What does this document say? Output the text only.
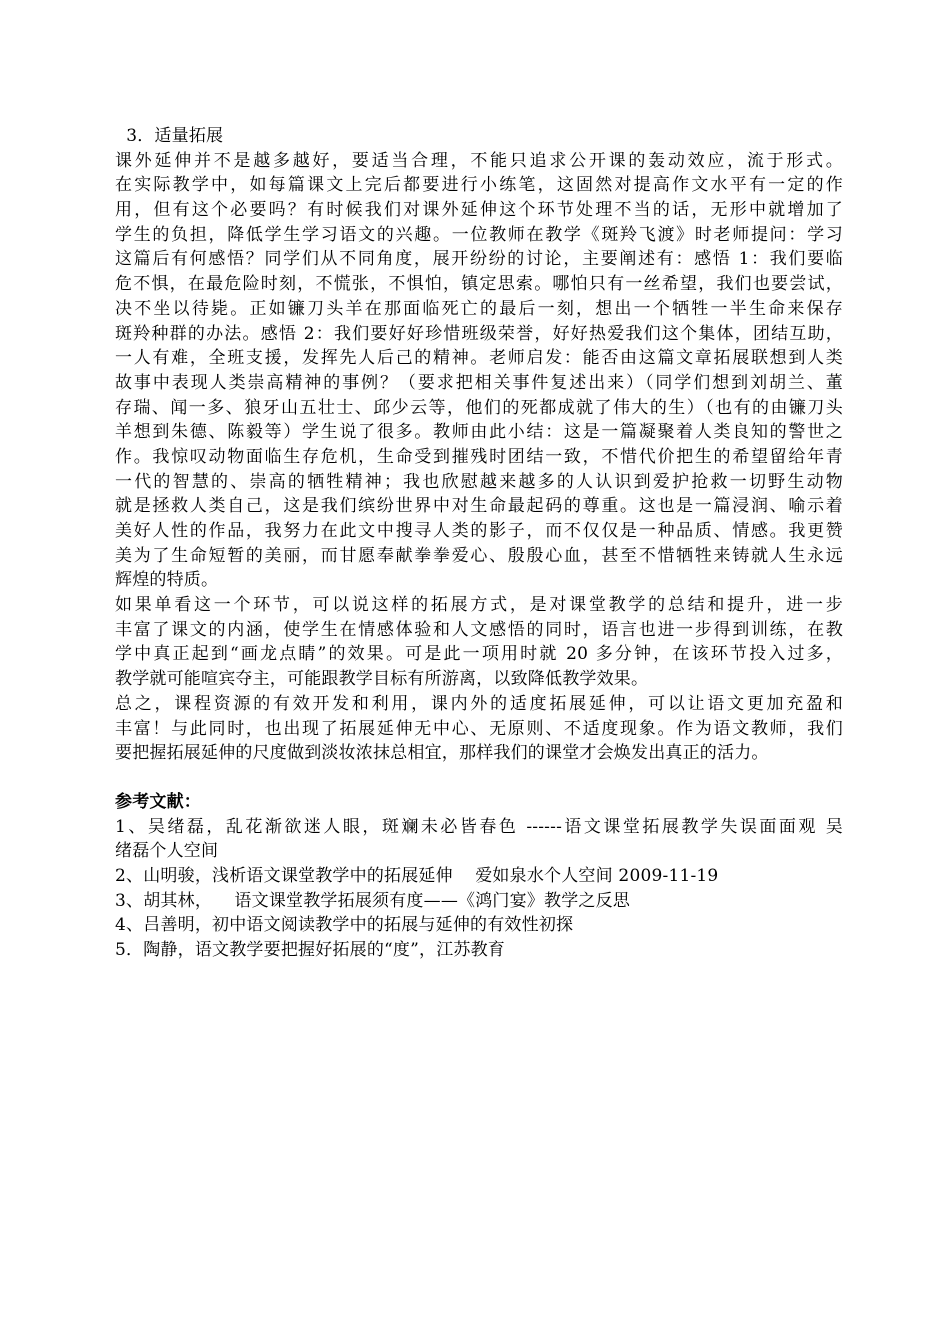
3．适量拓展
课外延伸并不是越多越好，要适当合理，不能只追求公开课的轰动效应，流于形式。
在实际教学中，如每篇课文上完后都要进行小练笔，这固然对提高作文水平有一定的作
用，但有这个必要吗？有时候我们对课外延伸这个环节处理不当的话，无形中就增加了
学生的负担，降低学生学习语文的兴趣。一位教师在教学《斑羚飞渡》时老师提问：学习
这篇后有何感悟？同学们从不同角度，展开纷纷的讨论，主要阐述有：感悟 1：我们要临
危不惧，在最危险时刻，不慌张，不惧怕，镇定思索。哪怕只有一丝希望，我们也要尝试，
决不坐以待毙。正如镰刀头羊在那面临死亡的最后一刻，想出一个牺牲一半生命来保存
斑羚种群的办法。感悟 2：我们要好好珍惜班级荣誉，好好热爱我们这个集体，团结互助，
一人有难，全班支援，发挥先人后己的精神。老师启发：能否由这篇文章拓展联想到人类
故事中表现人类崇高精神的事例？（要求把相关事件复述出来）（同学们想到刘胡兰、董
存瑞、闻一多、狼牙山五壮士、邱少云等，他们的死都成就了伟大的生）（也有的由镰刀头
羊想到朱德、陈毅等）学生说了很多。教师由此小结：这是一篇凝聚着人类良知的警世之
作。我惊叹动物面临生存危机，生命受到摧残时团结一致，不惜代价把生的希望留给年青
一代的智慧的、崇高的牺牲精神；我也欣慰越来越多的人认识到爱护抢救一切野生动物
就是拯救人类自己，这是我们缤纷世界中对生命最起码的尊重。这也是一篇浸润、喻示着
美好人性的作品，我努力在此文中搜寻人类的影子，而不仅仅是一种品质、情感。我更赞
美为了生命短暂的美丽，而甘愿奉献拳拳爱心、殷殷心血，甚至不惜牺牲来铸就人生永远
辉煌的特质。
如果单看这一个环节，可以说这样的拓展方式，是对课堂教学的总结和提升，进一步
丰富了课文的内涵，使学生在情感体验和人文感悟的同时，语言也进一步得到训练，在教
学中真正起到“画龙点睛”的效果。可是此一项用时就 20 多分钟，在该环节投入过多，
教学就可能喧宾夺主，可能跟教学目标有所游离，以致降低教学效果。
总之，课程资源的有效开发和利用，课内外的适度拓展延伸，可以让语文更加充盈和
丰富！与此同时，也出现了拓展延伸无中心、无原则、不适度现象。作为语文教师，我们
要把握拓展延伸的尺度做到淡妆浓抹总相宜，那样我们的课堂才会焕发出真正的活力。
参考文献：
1、吴绪磊，乱花渐欲迷人眼，斑斓未必皆春色 ------语文课堂拓展教学失误面面观 吴
绪磊个人空间
2、山明骏，浅析语文课堂教学中的拓展延伸    爱如泉水个人空间 2009-11-19
3、胡其林，    语文课堂教学拓展须有度——《鸿门宴》教学之反思
4、吕善明，初中语文阅读教学中的拓展与延伸的有效性初探
5．陶静，语文教学要把握好拓展的“度”，江苏教育
